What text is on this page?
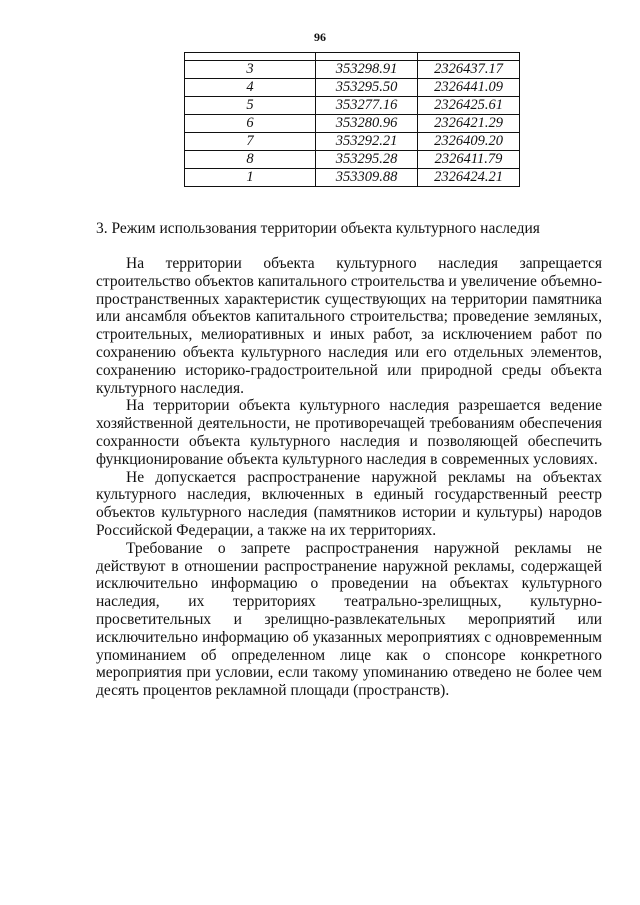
96

3	353298.91	2326437.17
4	353295.50	2326441.09
5	353277.16	2326425.61
6	353280.96	2326421.29
7	353292.21	2326409.20
8	353295.28	2326411.79
1	353309.88	2326424.21
3. Режим использования территории объекта культурного наследия

На территории объекта культурного наследия запрещается строительство объектов капитального строительства и увеличение объемно-пространственных характеристик существующих на территории памятника или ансамбля объектов капитального строительства; проведение земляных, строительных, мелиоративных и иных работ, за исключением работ по сохранению объекта культурного наследия или его отдельных элементов, сохранению историко-градостроительной или природной среды объекта культурного наследия.

На территории объекта культурного наследия разрешается ведение хозяйственной деятельности, не противоречащей требованиям обеспечения сохранности объекта культурного наследия и позволяющей обеспечить функционирование объекта культурного наследия в современных условиях.

Не допускается распространение наружной рекламы на объектах культурного наследия, включенных в единый государственный реестр объектов культурного наследия (памятников истории и культуры) народов Российской Федерации, а также на их территориях.

Требование о запрете распространения наружной рекламы не действуют в отношении распространение наружной рекламы, содержащей исключительно информацию о проведении на объектах культурного наследия, их территориях театрально-зрелищных, культурно-просветительных и зрелищно-развлекательных мероприятий или исключительно информацию об указанных мероприятиях с одновременным упоминанием об определенном лице как о спонсоре конкретного мероприятия при условии, если такому упоминанию отведено не более чем десять процентов рекламной площади (пространств).
